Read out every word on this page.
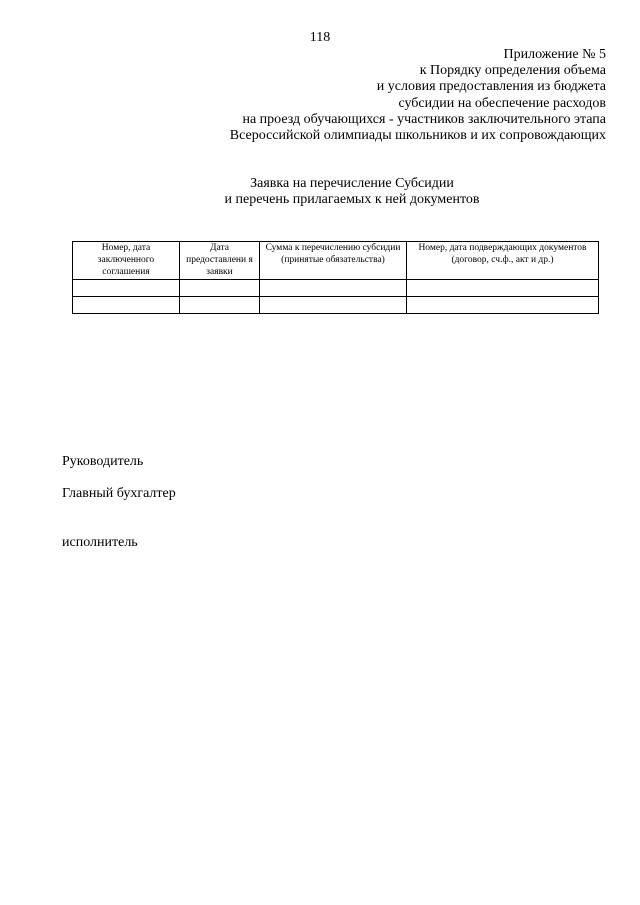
118
Приложение № 5
к Порядку определения объема
и условия предоставления из бюджета
субсидии на обеспечение расходов
на проезд обучающихся - участников заключительного этапа
Всероссийской олимпиады школьников и их сопровождающих
Заявка на перечисление Субсидии
и перечень прилагаемых к ней документов
Номер, дата заключенного соглашения	Дата предоставлени я заявки	Сумма к перечислению субсидии (принятые обязательства)	Номер, дата подверждающих документов (договор, сч.ф., акт и др.)

Руководитель
Главный бухгалтер
исполнитель
